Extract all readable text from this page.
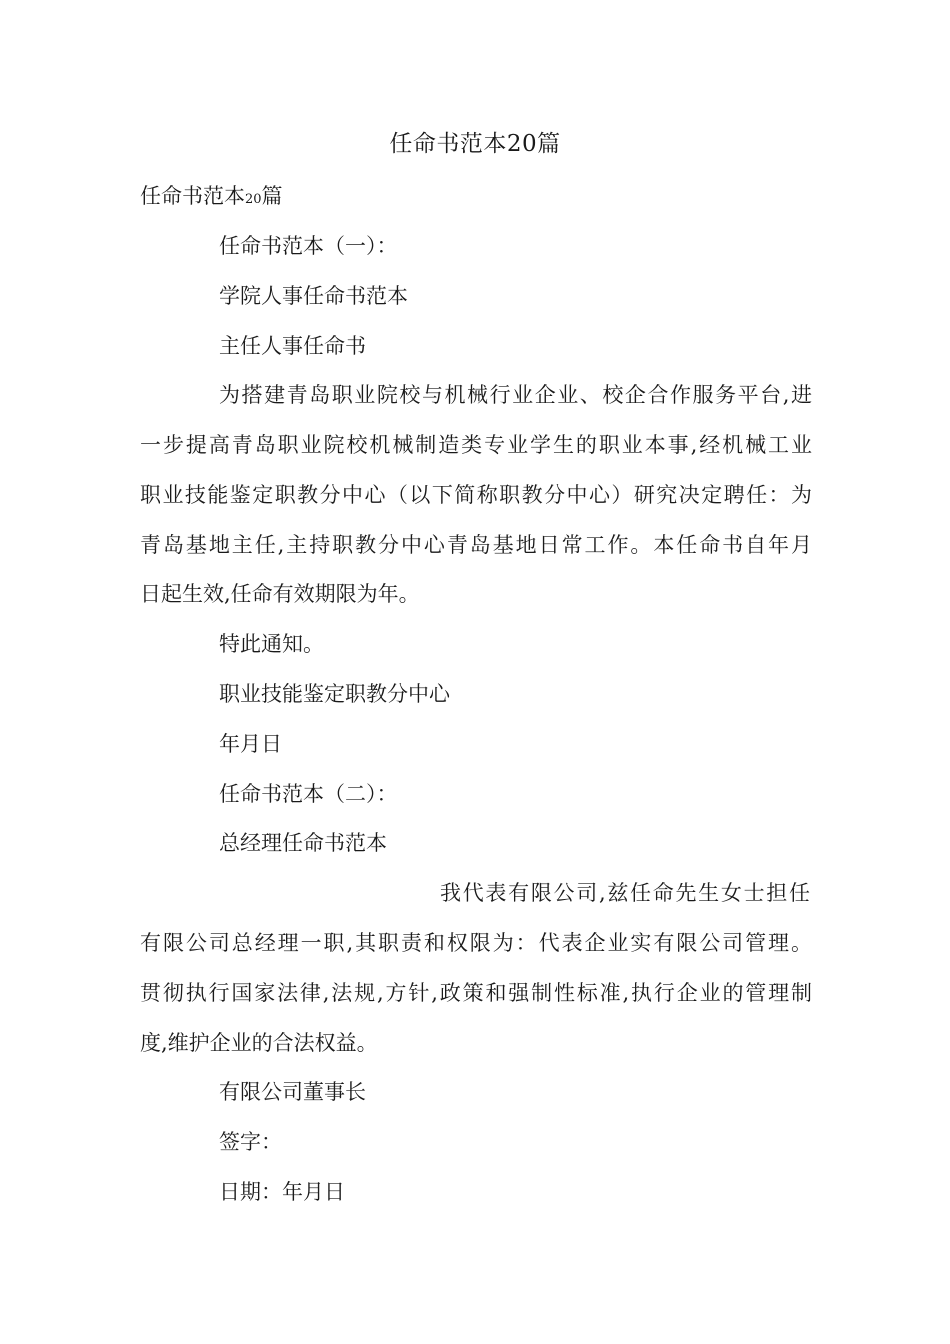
任命书范本20篇
任命书范本20篇
任命书范本（一）：
学院人事任命书范本
主任人事任命书
为搭建青岛职业院校与机械行业企业、校企合作服务平台,进
一步提高青岛职业院校机械制造类专业学生的职业本事,经机械工业
职业技能鉴定职教分中心（以下简称职教分中心）研究决定聘任：为
青岛基地主任,主持职教分中心青岛基地日常工作。本任命书自年月
日起生效,任命有效期限为年。
特此通知。
职业技能鉴定职教分中心
年月日
任命书范本（二）：
总经理任命书范本
我代表有限公司,兹任命先生女士担任
有限公司总经理一职,其职责和权限为：代表企业实有限公司管理。
贯彻执行国家法律,法规,方针,政策和强制性标准,执行企业的管理制
度,维护企业的合法权益。
有限公司董事长
签字：
日期：年月日
